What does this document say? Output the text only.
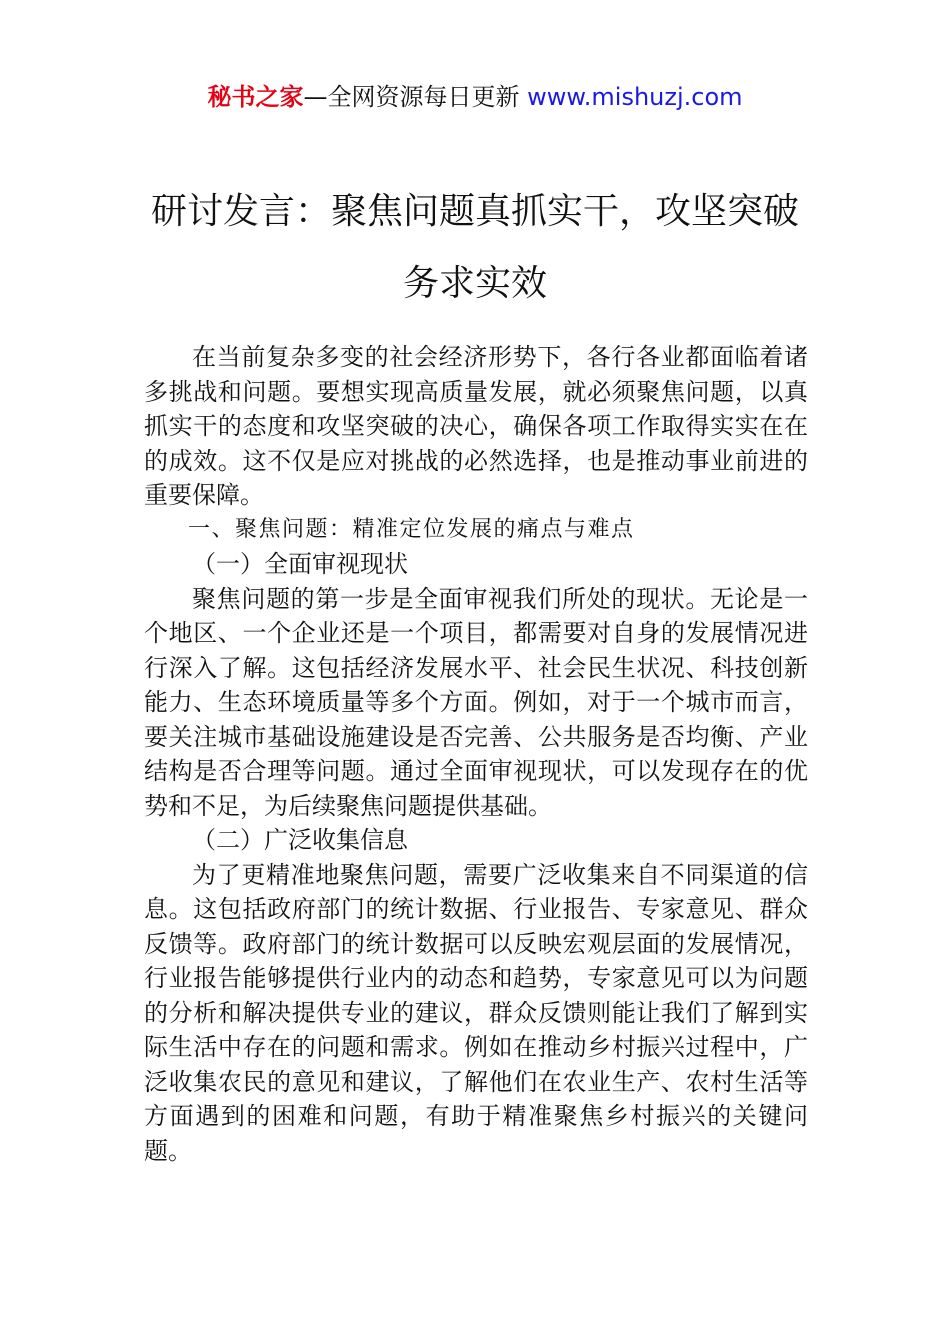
秘书之家—全网资源每日更新 www.mishuzj.com
研讨发言：聚焦问题真抓实干，攻坚突破
务求实效

在当前复杂多变的社会经济形势下，各行各业都面临着诸多挑战和问题。要想实现高质量发展，就必须聚焦问题，以真抓实干的态度和攻坚突破的决心，确保各项工作取得实实在在的成效。这不仅是应对挑战的必然选择，也是推动事业前进的重要保障。

一、聚焦问题：精准定位发展的痛点与难点

（一）全面审视现状

聚焦问题的第一步是全面审视我们所处的现状。无论是一个地区、一个企业还是一个项目，都需要对自身的发展情况进行深入了解。这包括经济发展水平、社会民生状况、科技创新能力、生态环境质量等多个方面。例如，对于一个城市而言，要关注城市基础设施建设是否完善、公共服务是否均衡、产业结构是否合理等问题。通过全面审视现状，可以发现存在的优势和不足，为后续聚焦问题提供基础。

（二）广泛收集信息

为了更精准地聚焦问题，需要广泛收集来自不同渠道的信息。这包括政府部门的统计数据、行业报告、专家意见、群众反馈等。政府部门的统计数据可以反映宏观层面的发展情况，行业报告能够提供行业内的动态和趋势，专家意见可以为问题的分析和解决提供专业的建议，群众反馈则能让我们了解到实际生活中存在的问题和需求。例如在推动乡村振兴过程中，广泛收集农民的意见和建议，了解他们在农业生产、农村生活等方面遇到的困难和问题，有助于精准聚焦乡村振兴的关键问题。
